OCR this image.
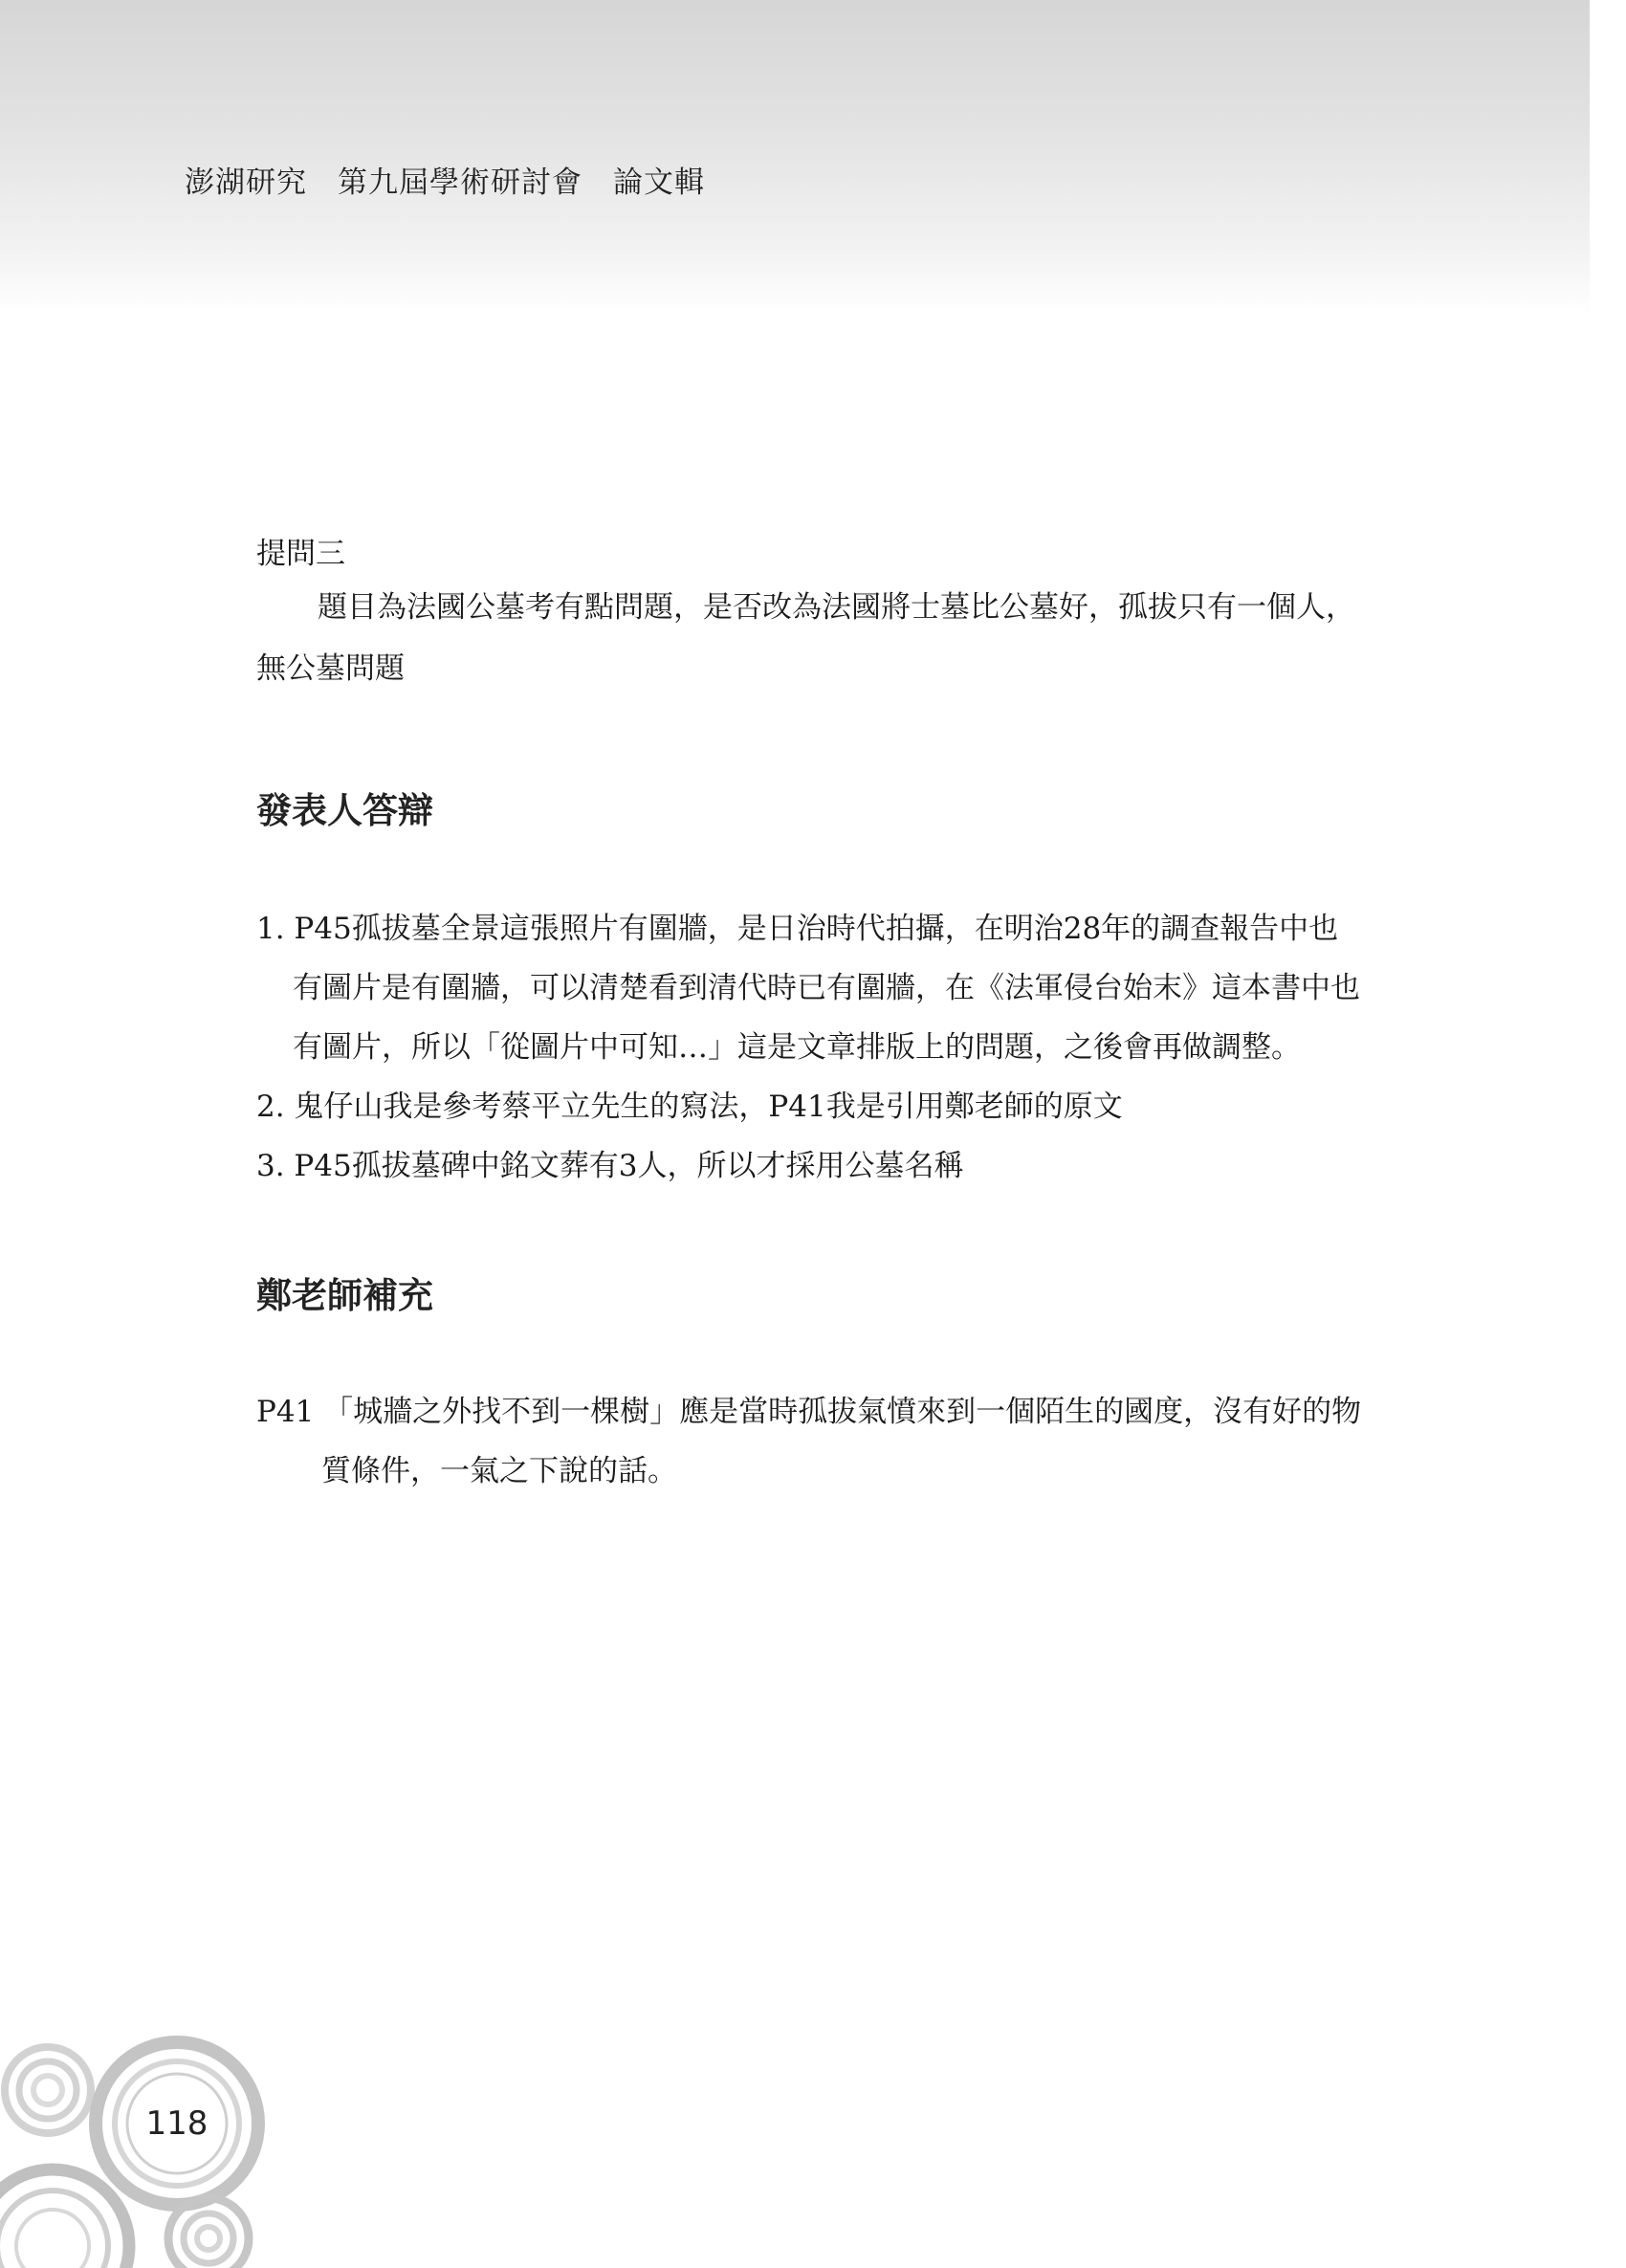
澎湖研究　第九屆學術研討會　論文輯

提問三

題目為法國公墓考有點問題，是否改為法國將士墓比公墓好，孤拔只有一個人，無公墓問題

發表人答辯
1. P45孤拔墓全景這張照片有圍牆，是日治時代拍攝，在明治28年的調查報告中也有圖片是有圍牆，可以清楚看到清代時已有圍牆，在《法軍侵台始末》這本書中也有圖片，所以「從圖片中可知…」這是文章排版上的問題，之後會再做調整。
2. 鬼仔山我是參考蔡平立先生的寫法，P41我是引用鄭老師的原文
3. P45孤拔墓碑中銘文葬有3人，所以才採用公墓名稱
鄭老師補充

P41 「城牆之外找不到一棵樹」應是當時孤拔氣憤來到一個陌生的國度，沒有好的物質條件，一氣之下說的話。

118
